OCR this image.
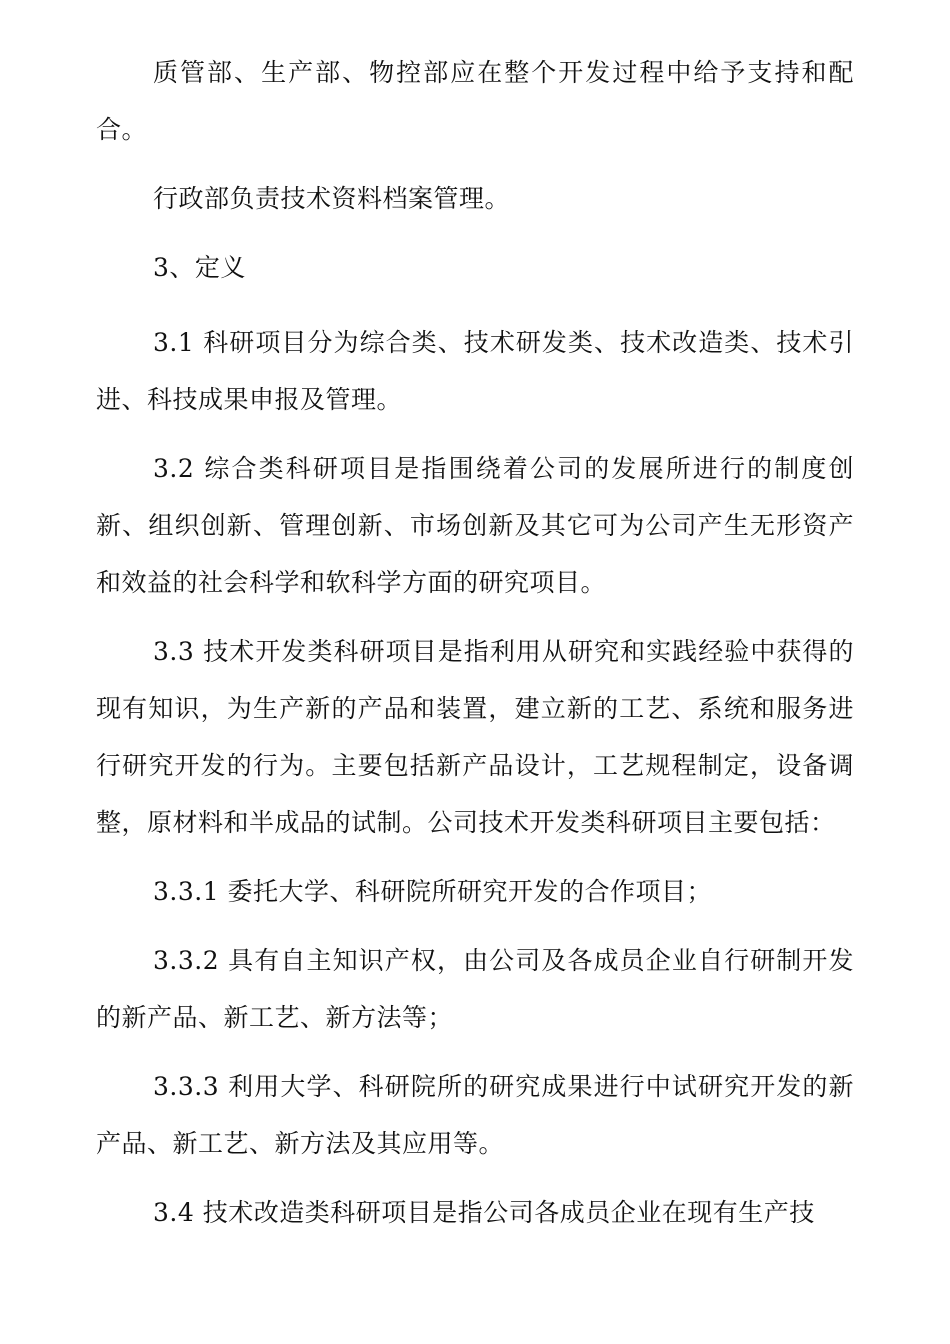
质管部、生产部、物控部应在整个开发过程中给予支持和配合。

行政部负责技术资料档案管理。

3、定义

3.1 科研项目分为综合类、技术研发类、技术改造类、技术引进、科技成果申报及管理。

3.2 综合类科研项目是指围绕着公司的发展所进行的制度创新、组织创新、管理创新、市场创新及其它可为公司产生无形资产和效益的社会科学和软科学方面的研究项目。

3.3 技术开发类科研项目是指利用从研究和实践经验中获得的现有知识，为生产新的产品和装置，建立新的工艺、系统和服务进行研究开发的行为。主要包括新产品设计，工艺规程制定，设备调整，原材料和半成品的试制。公司技术开发类科研项目主要包括：

3.3.1 委托大学、科研院所研究开发的合作项目；

3.3.2 具有自主知识产权，由公司及各成员企业自行研制开发的新产品、新工艺、新方法等；

3.3.3 利用大学、科研院所的研究成果进行中试研究开发的新产品、新工艺、新方法及其应用等。

3.4 技术改造类科研项目是指公司各成员企业在现有生产技
